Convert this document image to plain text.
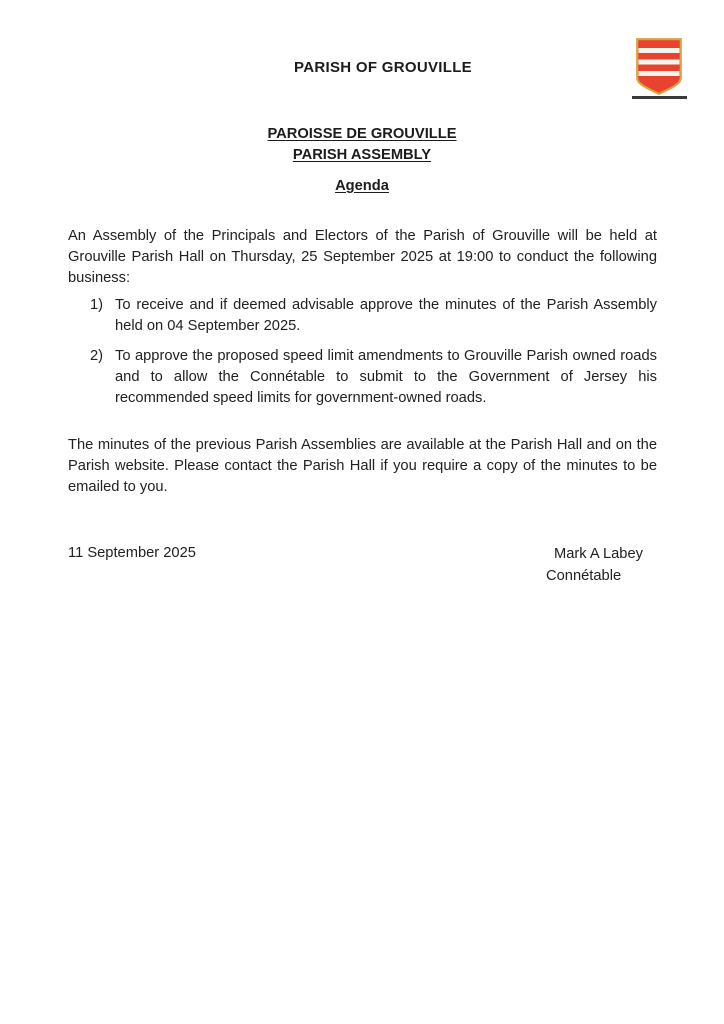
PARISH OF GROUVILLE
PAROISSE DE GROUVILLE
PARISH ASSEMBLY
Agenda
An Assembly of the Principals and Electors of the Parish of Grouville will be held at Grouville Parish Hall on Thursday, 25 September 2025 at 19:00 to conduct the following business:
1) To receive and if deemed advisable approve the minutes of the Parish Assembly held on 04 September 2025.
2) To approve the proposed speed limit amendments to Grouville Parish owned roads and to allow the Connétable to submit to the Government of Jersey his recommended speed limits for government-owned roads.
The minutes of the previous Parish Assemblies are available at the Parish Hall and on the Parish website. Please contact the Parish Hall if you require a copy of the minutes to be emailed to you.
11 September 2025	Mark A Labey
Connétable
